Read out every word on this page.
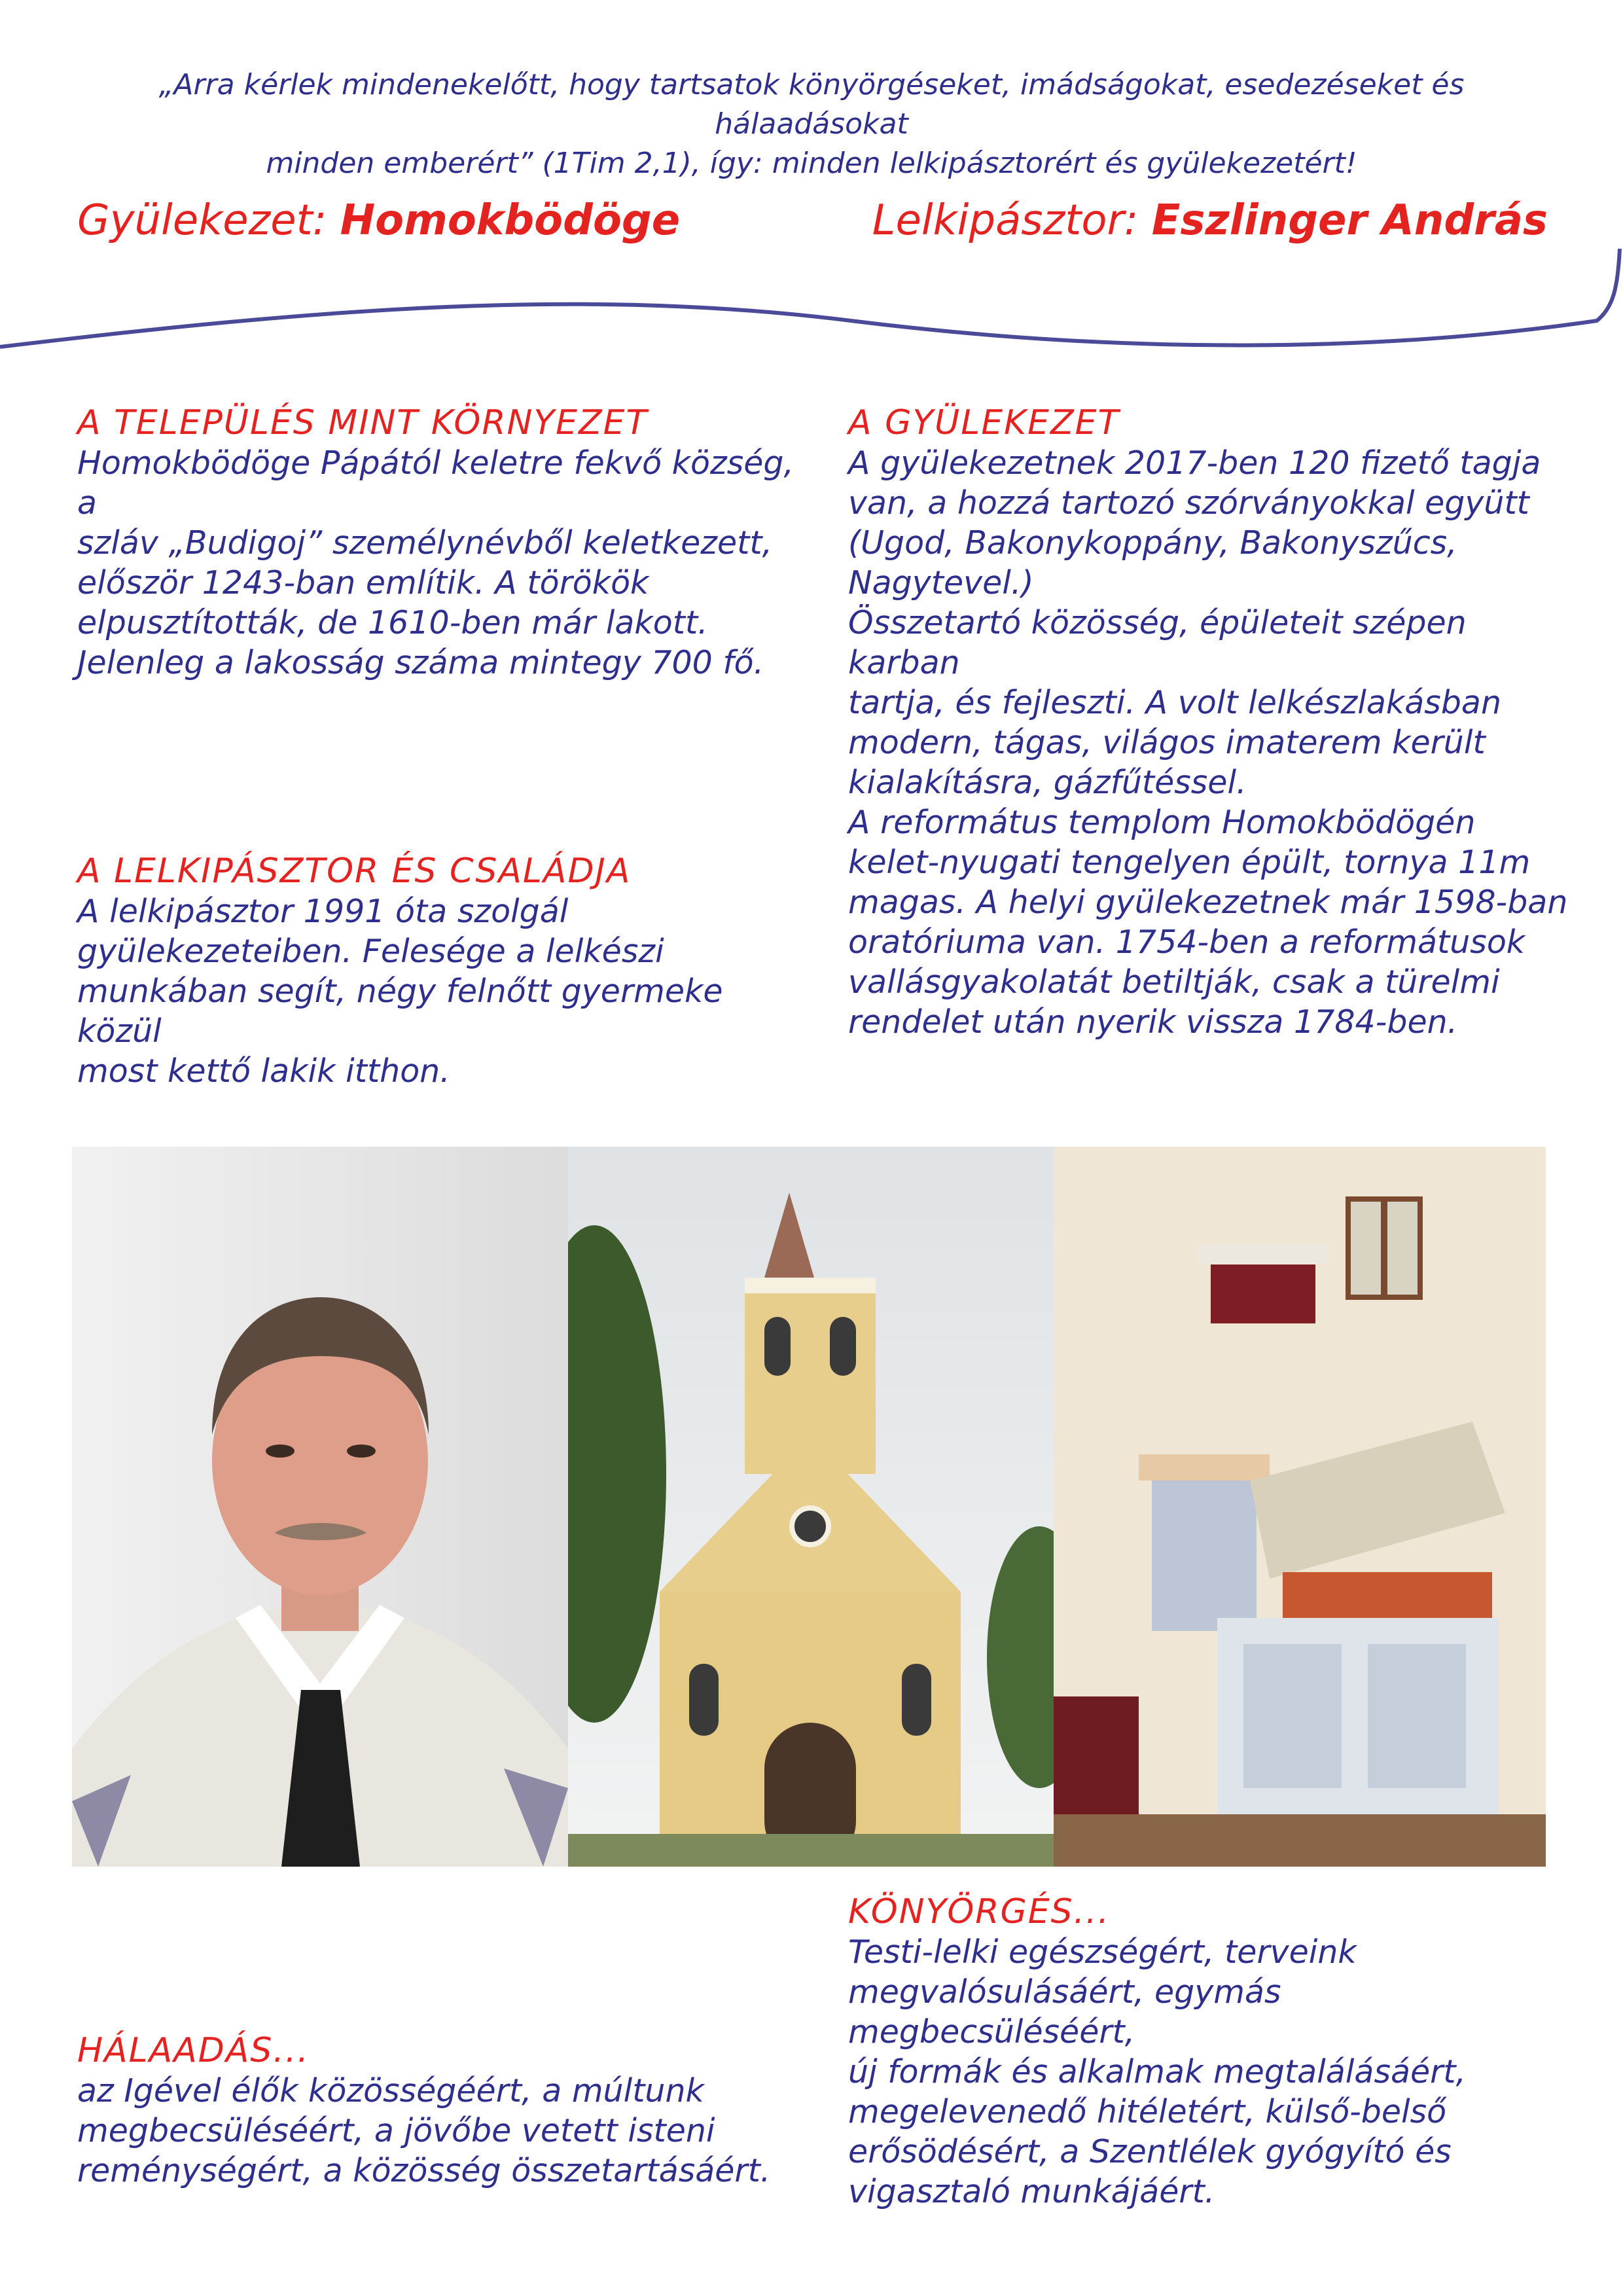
„Arra kérlek mindenekelőtt, hogy tartsatok könyörgéseket, imádságokat, esedezéseket és hálaadásokat
minden emberért” (1Tim 2,1), így: minden lelkipásztorért és gyülekezetért!
Gyülekezet: Homokbödöge	Lelkipásztor: Eszlinger András
A TELEPÜLÉS MINT KÖRNYEZET
Homokbödöge Pápától keletre fekvő község, a
szláv „Budigoj” személynévből keletkezett,
először 1243-ban említik. A törökök
elpusztították, de 1610-ben már lakott.
Jelenleg a lakosság száma mintegy 700 fő.
A GYÜLEKEZET
A gyülekezetnek 2017-ben 120 fizető tagja
van, a hozzá tartozó szórványokkal együtt
(Ugod, Bakonykoppány, Bakonyszűcs,
Nagytevel.)
Összetartó közösség, épületeit szépen karban
tartja, és fejleszti. A volt lelkészlakásban
modern, tágas, világos imaterem került
kialakításra, gázfűtéssel.
A református templom Homokbödögén
kelet-nyugati tengelyen épült, tornya 11m
magas. A helyi gyülekezetnek már 1598-ban
oratóriuma van. 1754-ben a reformátusok
vallásgyakolatát betiltják, csak a türelmi
rendelet után nyerik vissza 1784-ben.
A LELKIPÁSZTOR ÉS CSALÁDJA
A lelkipásztor 1991 óta szolgál
gyülekezeteiben. Felesége a lelkészi
munkában segít, négy felnőtt gyermeke közül
most kettő lakik itthon.
KÖNYÖRGÉS...
Testi-lelki egészségért, terveink
megvalósulásáért, egymás megbecsüléséért,
új formák és alkalmak megtalálásáért,
megelevenedő hitéletért, külső-belső
erősödésért, a Szentlélek gyógyító és
vigasztaló munkájáért.
HÁLAADÁS...
az Igével élők közösségéért, a múltunk
megbecsüléséért, a jövőbe vetett isteni
reménységért, a közösség összetartásáért.
